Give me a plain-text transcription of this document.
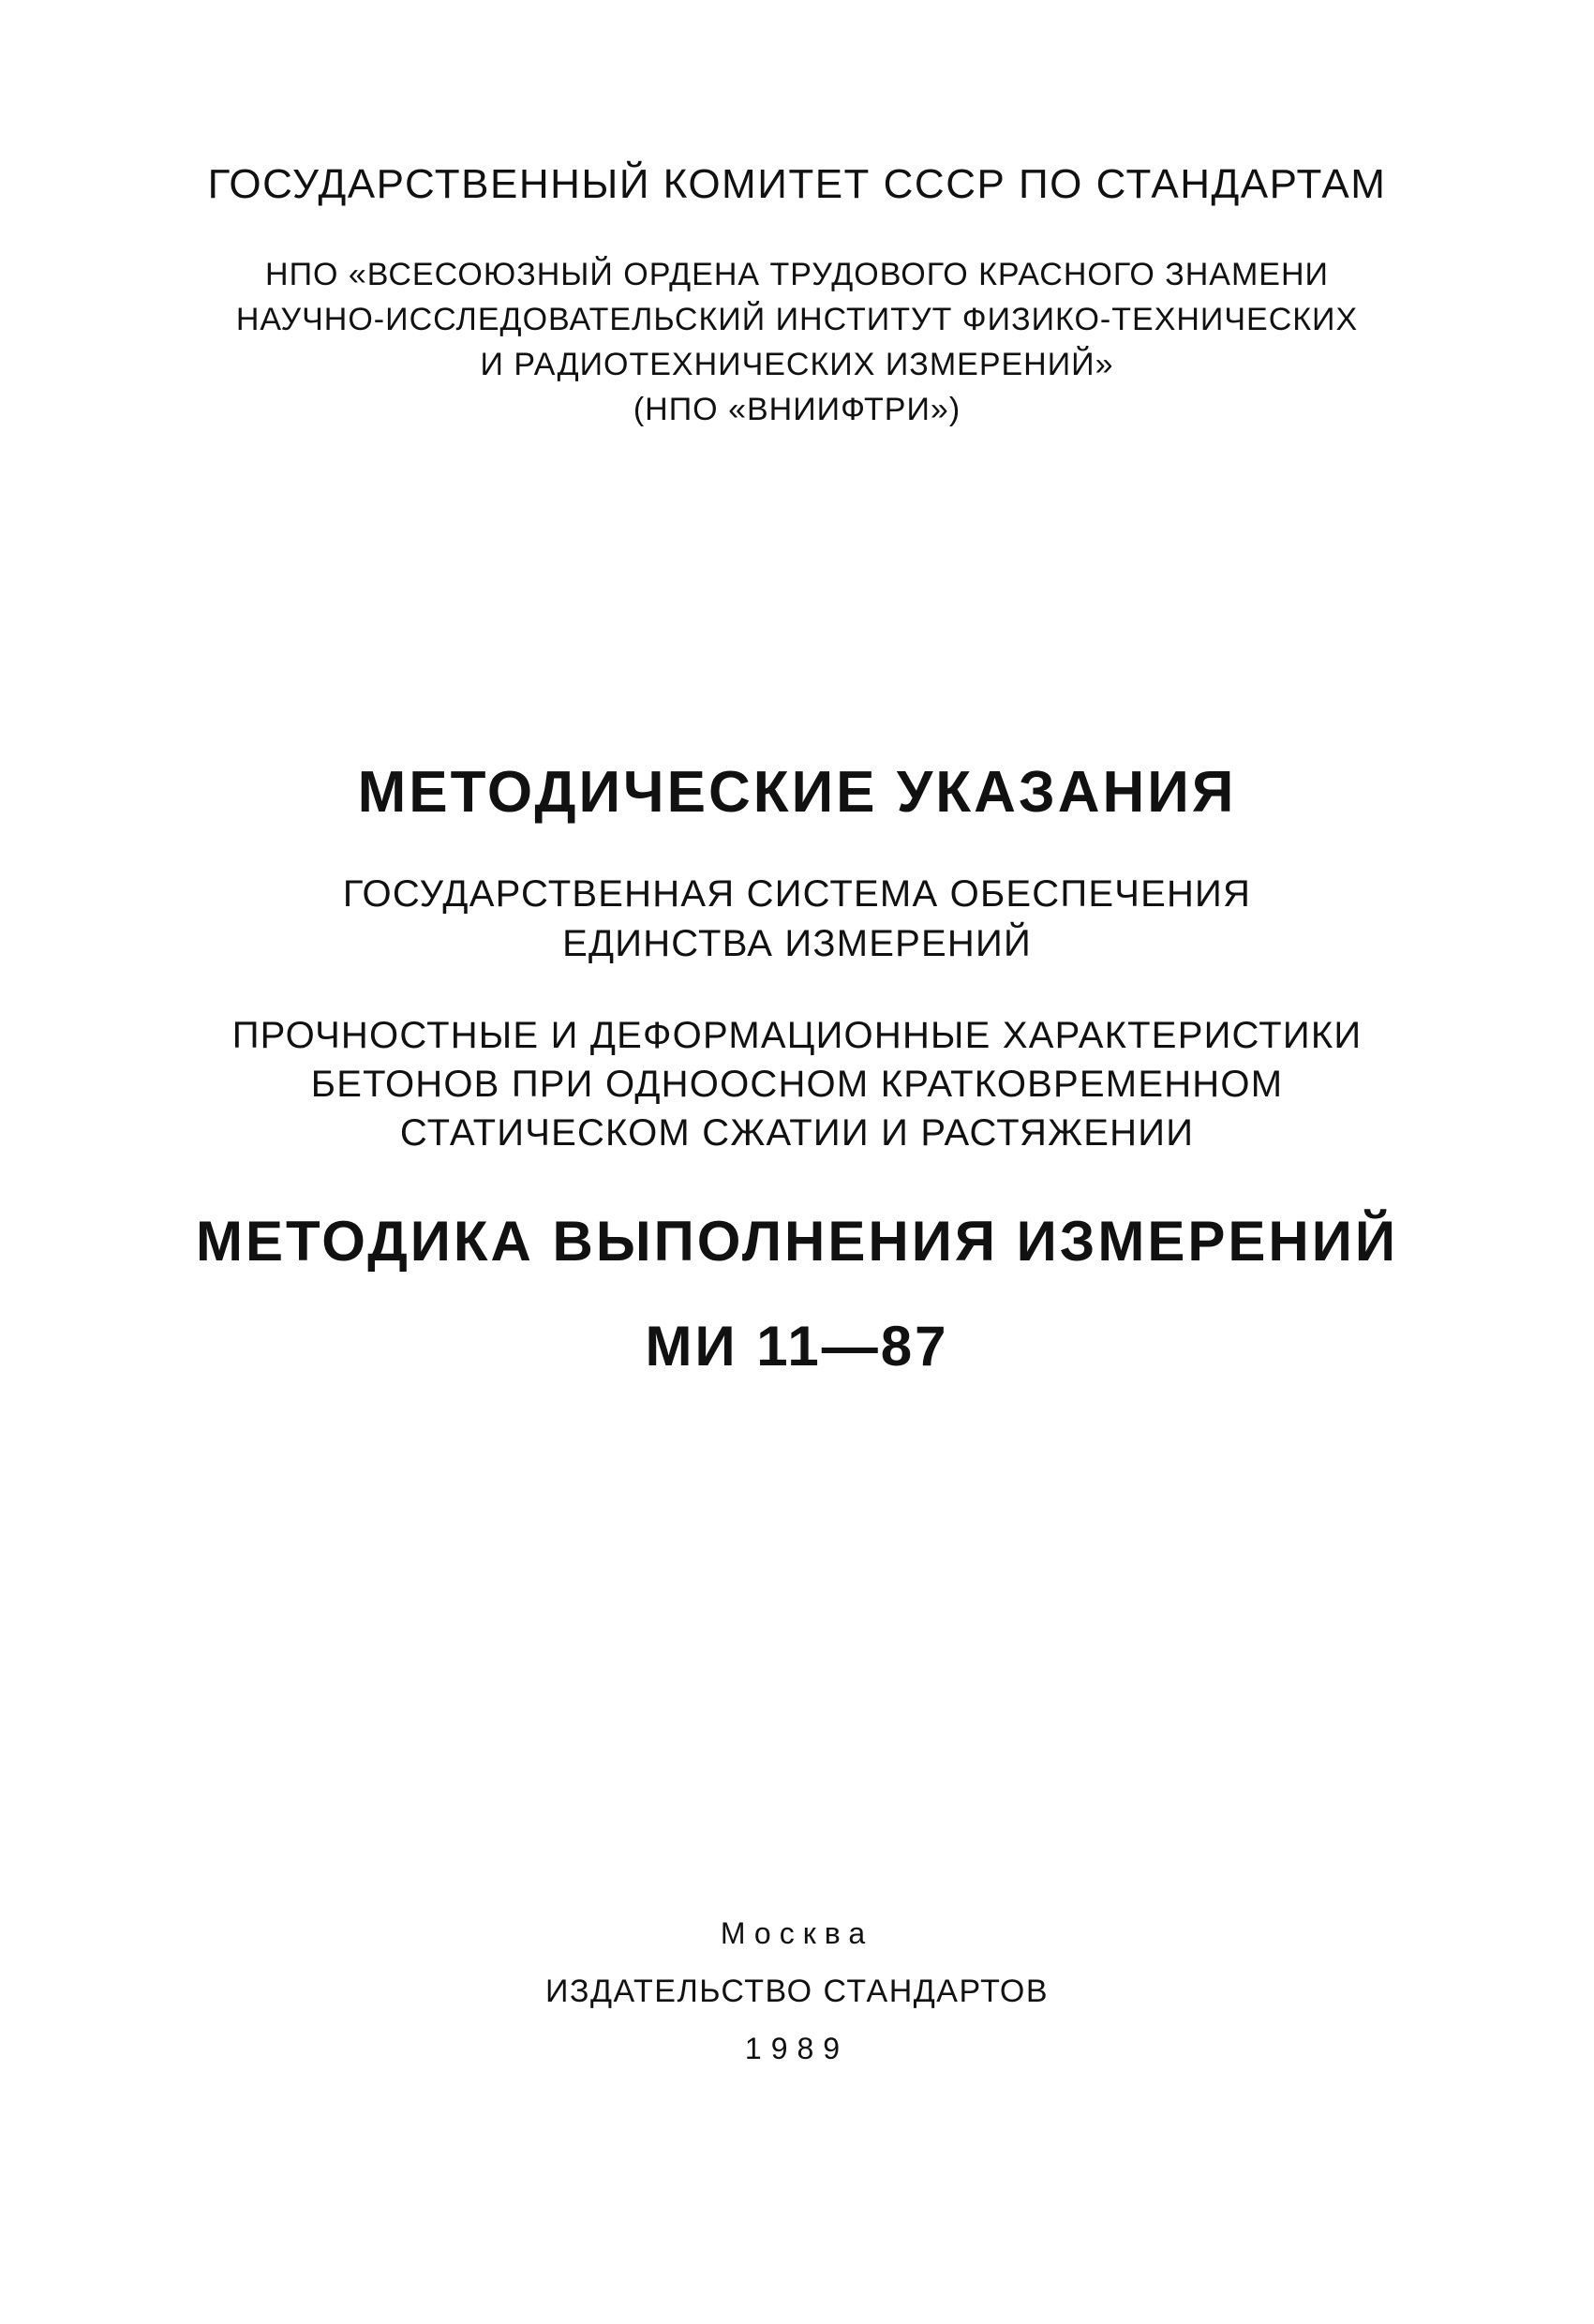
ГОСУДАРСТВЕННЫЙ КОМИТЕТ СССР ПО СТАНДАРТАМ

НПО «ВСЕСОЮЗНЫЙ ОРДЕНА ТРУДОВОГО КРАСНОГО ЗНАМЕНИ

НАУЧНО-ИССЛЕДОВАТЕЛЬСКИЙ ИНСТИТУТ ФИЗИКО-ТЕХНИЧЕСКИХ

И РАДИОТЕХНИЧЕСКИХ ИЗМЕРЕНИЙ»

(НПО «ВНИИФТРИ»)

МЕТОДИЧЕСКИЕ УКАЗАНИЯ

ГОСУДАРСТВЕННАЯ СИСТЕМА ОБЕСПЕЧЕНИЯ

ЕДИНСТВА ИЗМЕРЕНИЙ

ПРОЧНОСТНЫЕ И ДЕФОРМАЦИОННЫЕ ХАРАКТЕРИСТИКИ

БЕТОНОВ ПРИ ОДНООСНОМ КРАТКОВРЕМЕННОМ

СТАТИЧЕСКОМ СЖАТИИ И РАСТЯЖЕНИИ

МЕТОДИКА ВЫПОЛНЕНИЯ ИЗМЕРЕНИЙ
МИ 11—87

Москва

ИЗДАТЕЛЬСТВО СТАНДАРТОВ

1989
